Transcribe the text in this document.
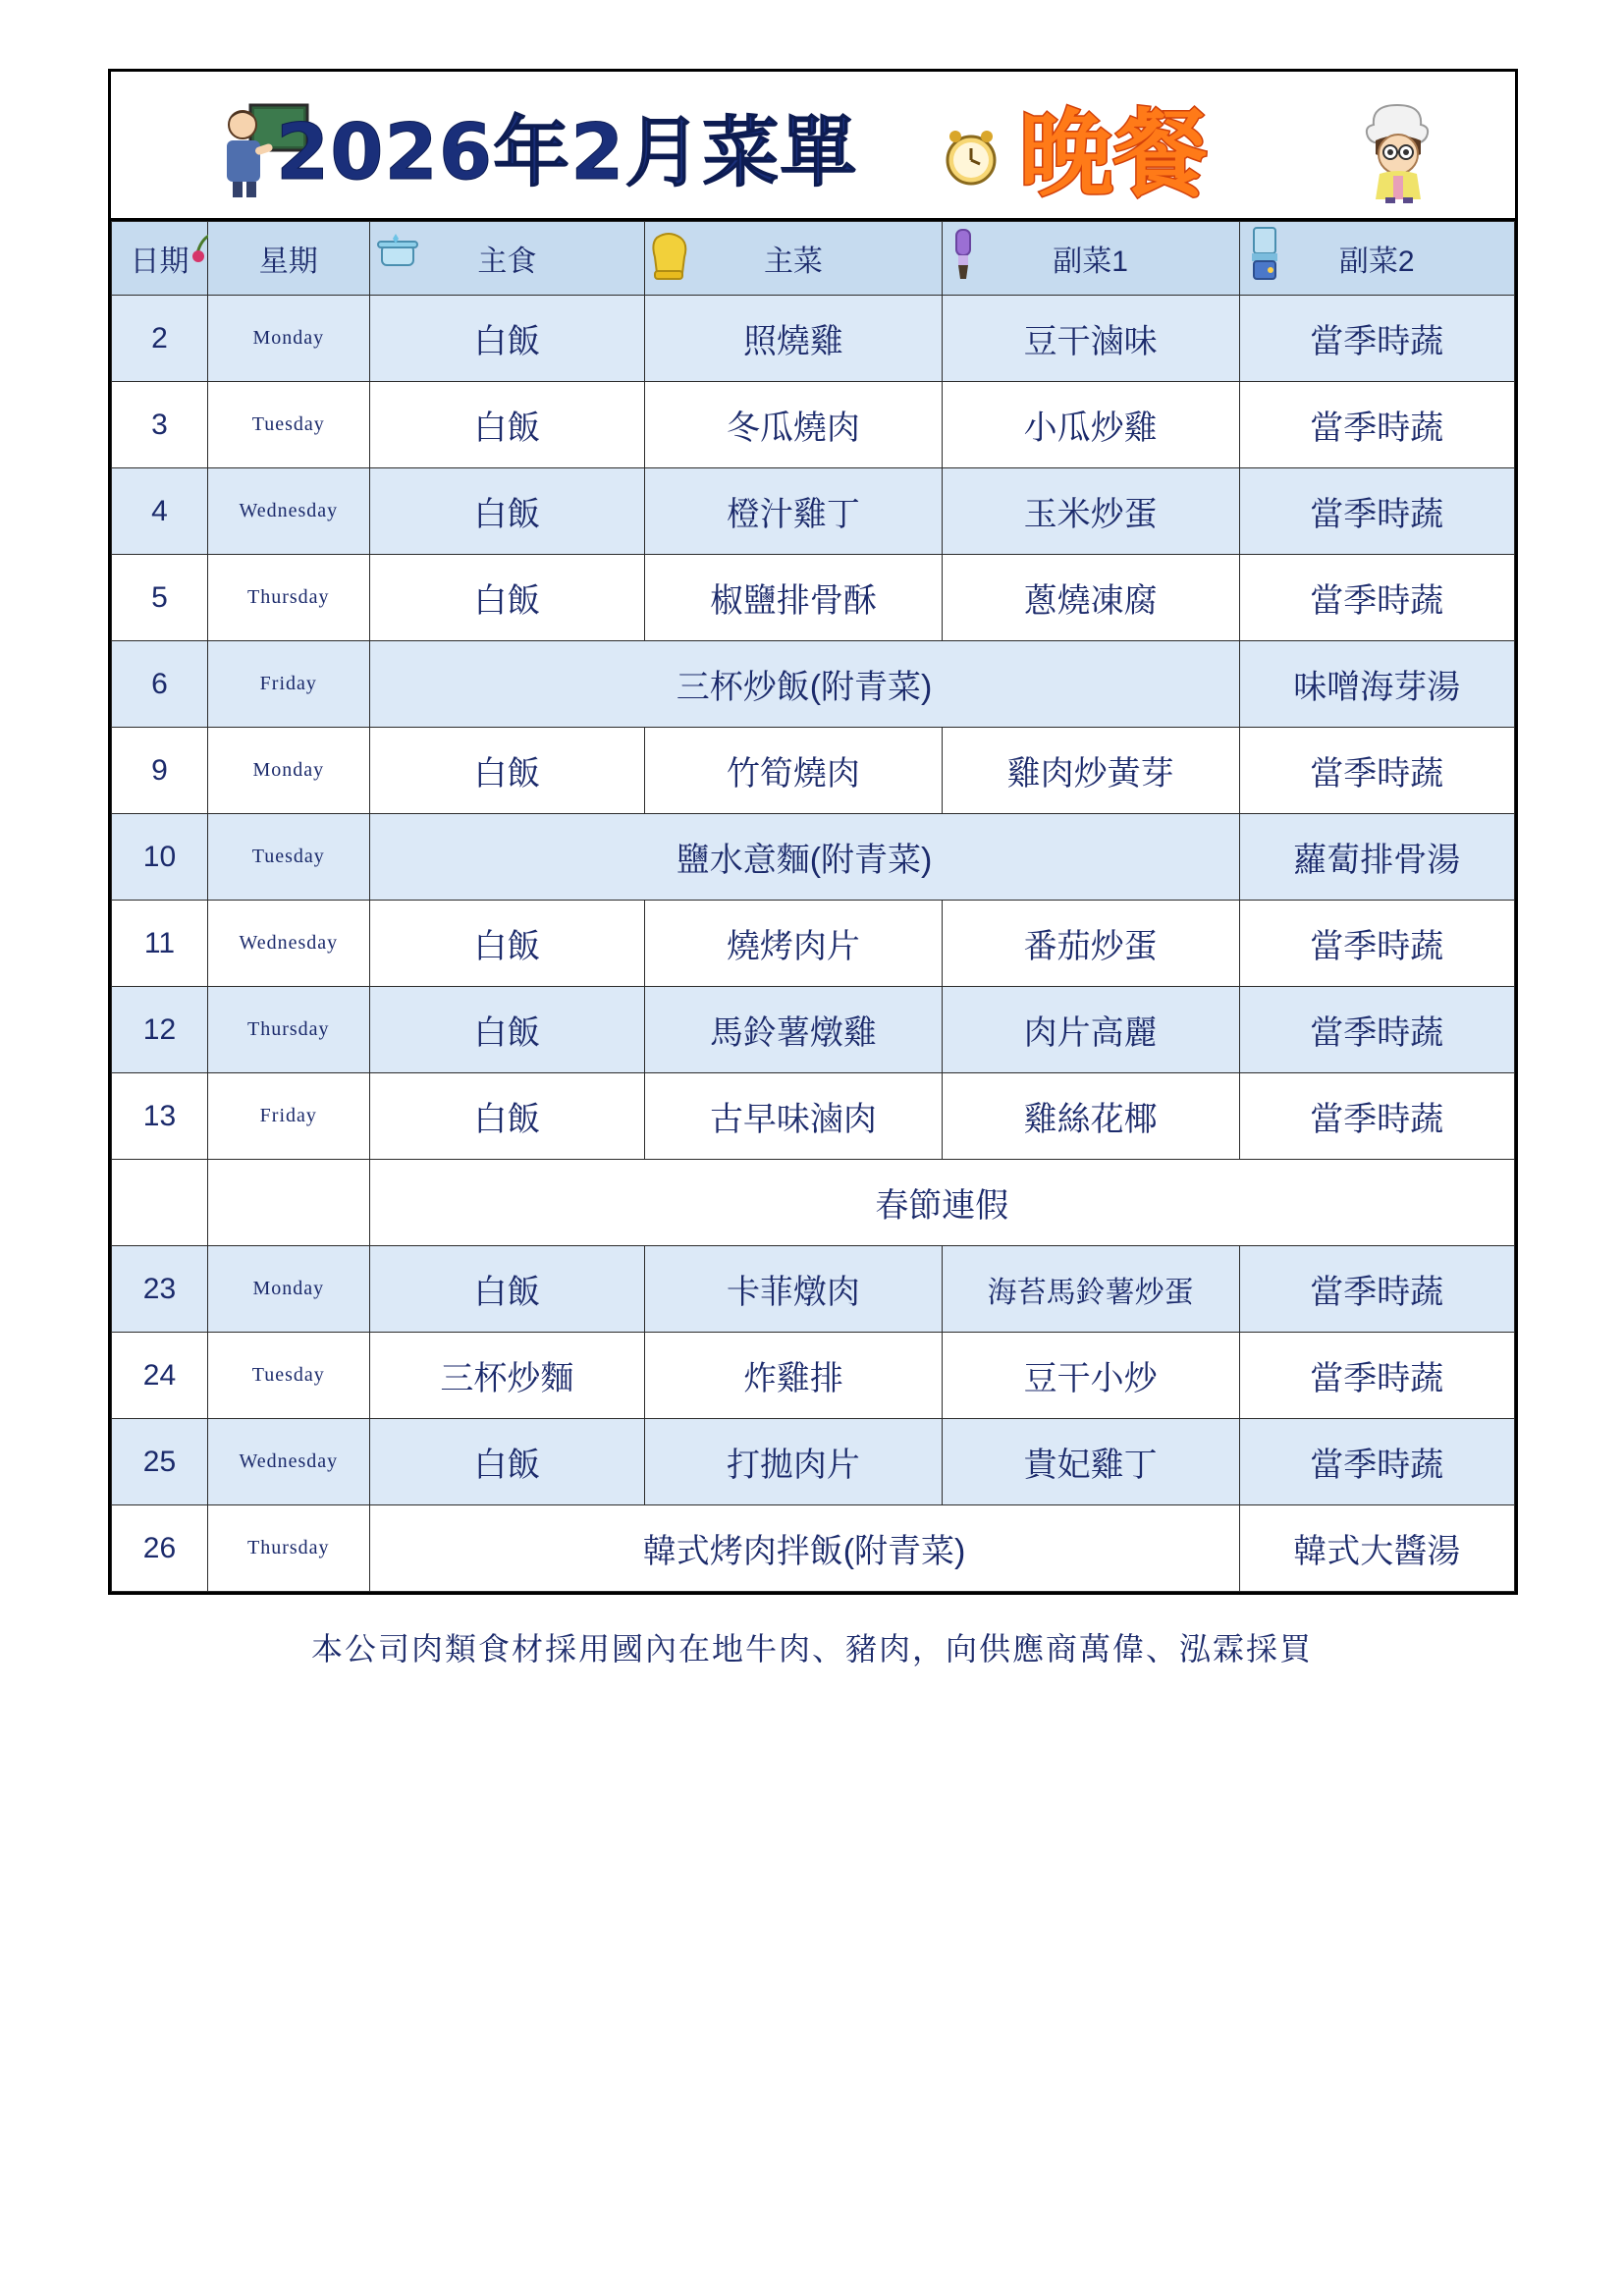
2026年2月菜單 晚餐
日期	星期	主食	主菜	副菜1	副菜2
2	Monday	白飯	照燒雞	豆干滷味	當季時蔬
3	Tuesday	白飯	冬瓜燒肉	小瓜炒雞	當季時蔬
4	Wednesday	白飯	橙汁雞丁	玉米炒蛋	當季時蔬
5	Thursday	白飯	椒鹽排骨酥	蔥燒凍腐	當季時蔬
6	Friday	三杯炒飯(附青菜)			味噌海芽湯
9	Monday	白飯	竹筍燒肉	雞肉炒黃芽	當季時蔬
10	Tuesday	鹽水意麵(附青菜)			蘿蔔排骨湯
11	Wednesday	白飯	燒烤肉片	番茄炒蛋	當季時蔬
12	Thursday	白飯	馬鈴薯燉雞	肉片高麗	當季時蔬
13	Friday	白飯	古早味滷肉	雞絲花椰	當季時蔬
		春節連假			
23	Monday	白飯	卡菲燉肉	海苔馬鈴薯炒蛋	當季時蔬
24	Tuesday	三杯炒麵	炸雞排	豆干小炒	當季時蔬
25	Wednesday	白飯	打拋肉片	貴妃雞丁	當季時蔬
26	Thursday	韓式烤肉拌飯(附青菜)			韓式大醬湯
本公司肉類食材採用國內在地牛肉、豬肉，向供應商萬偉、泓霖採買
